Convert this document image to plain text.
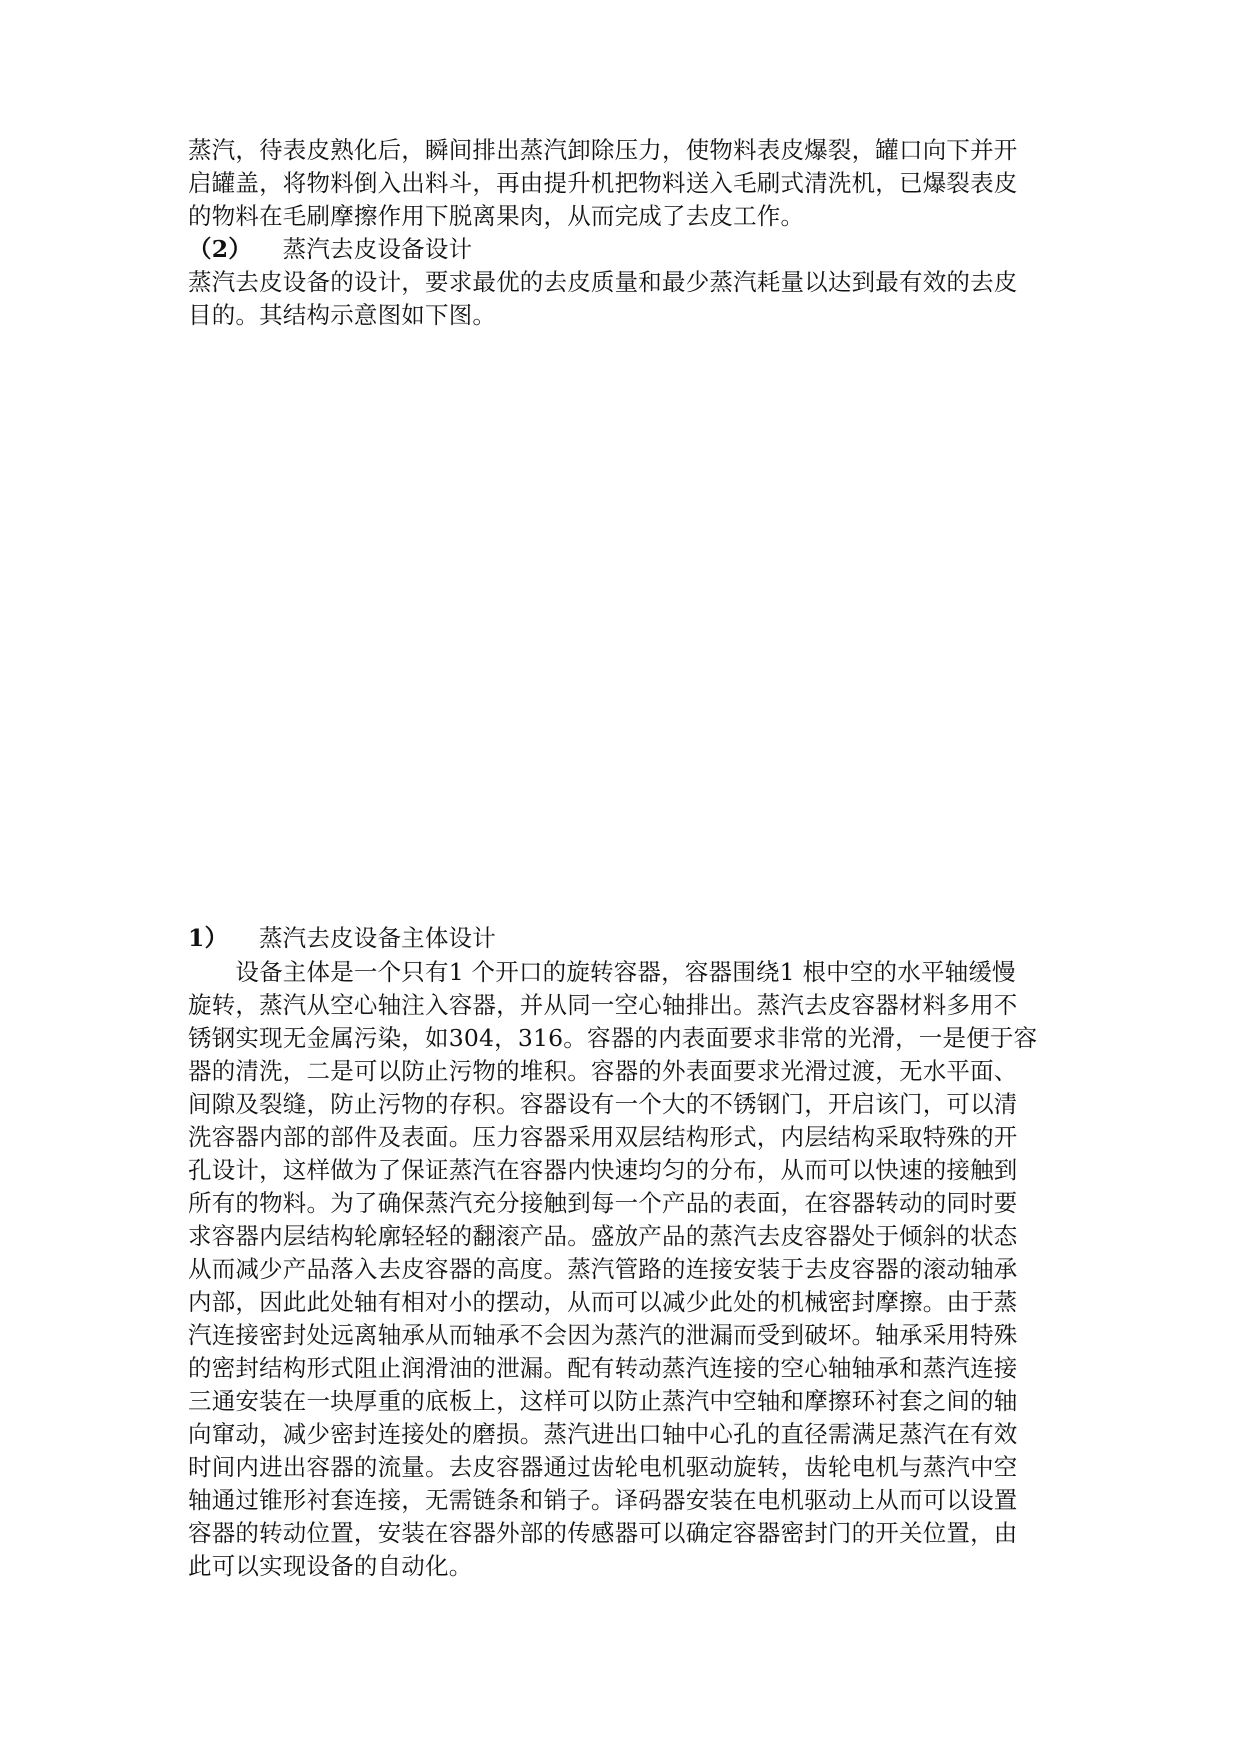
蒸汽，待表皮熟化后，瞬间排出蒸汽卸除压力，使物料表皮爆裂，罐口向下并开
启罐盖，将物料倒入出料斗，再由提升机把物料送入毛刷式清洗机，已爆裂表皮
的物料在毛刷摩擦作用下脱离果肉，从而完成了去皮工作。
（2） 蒸汽去皮设备设计
蒸汽去皮设备的设计，要求最优的去皮质量和最少蒸汽耗量以达到最有效的去皮
目的。其结构示意图如下图。
1） 蒸汽去皮设备主体设计
　　设备主体是一个只有1 个开口的旋转容器，容器围绕1 根中空的水平轴缓慢
旋转，蒸汽从空心轴注入容器，并从同一空心轴排出。蒸汽去皮容器材料多用不
锈钢实现无金属污染，如304，316。容器的内表面要求非常的光滑，一是便于容
器的清洗，二是可以防止污物的堆积。容器的外表面要求光滑过渡，无水平面、
间隙及裂缝，防止污物的存积。容器设有一个大的不锈钢门，开启该门，可以清
洗容器内部的部件及表面。压力容器采用双层结构形式，内层结构采取特殊的开
孔设计，这样做为了保证蒸汽在容器内快速均匀的分布，从而可以快速的接触到
所有的物料。为了确保蒸汽充分接触到每一个产品的表面，在容器转动的同时要
求容器内层结构轮廓轻轻的翻滚产品。盛放产品的蒸汽去皮容器处于倾斜的状态
从而减少产品落入去皮容器的高度。蒸汽管路的连接安装于去皮容器的滚动轴承
内部，因此此处轴有相对小的摆动，从而可以减少此处的机械密封摩擦。由于蒸
汽连接密封处远离轴承从而轴承不会因为蒸汽的泄漏而受到破坏。轴承采用特殊
的密封结构形式阻止润滑油的泄漏。配有转动蒸汽连接的空心轴轴承和蒸汽连接
三通安装在一块厚重的底板上，这样可以防止蒸汽中空轴和摩擦环衬套之间的轴
向窜动，减少密封连接处的磨损。蒸汽进出口轴中心孔的直径需满足蒸汽在有效
时间内进出容器的流量。去皮容器通过齿轮电机驱动旋转，齿轮电机与蒸汽中空
轴通过锥形衬套连接，无需链条和销子。译码器安装在电机驱动上从而可以设置
容器的转动位置，安装在容器外部的传感器可以确定容器密封门的开关位置，由
此可以实现设备的自动化。
